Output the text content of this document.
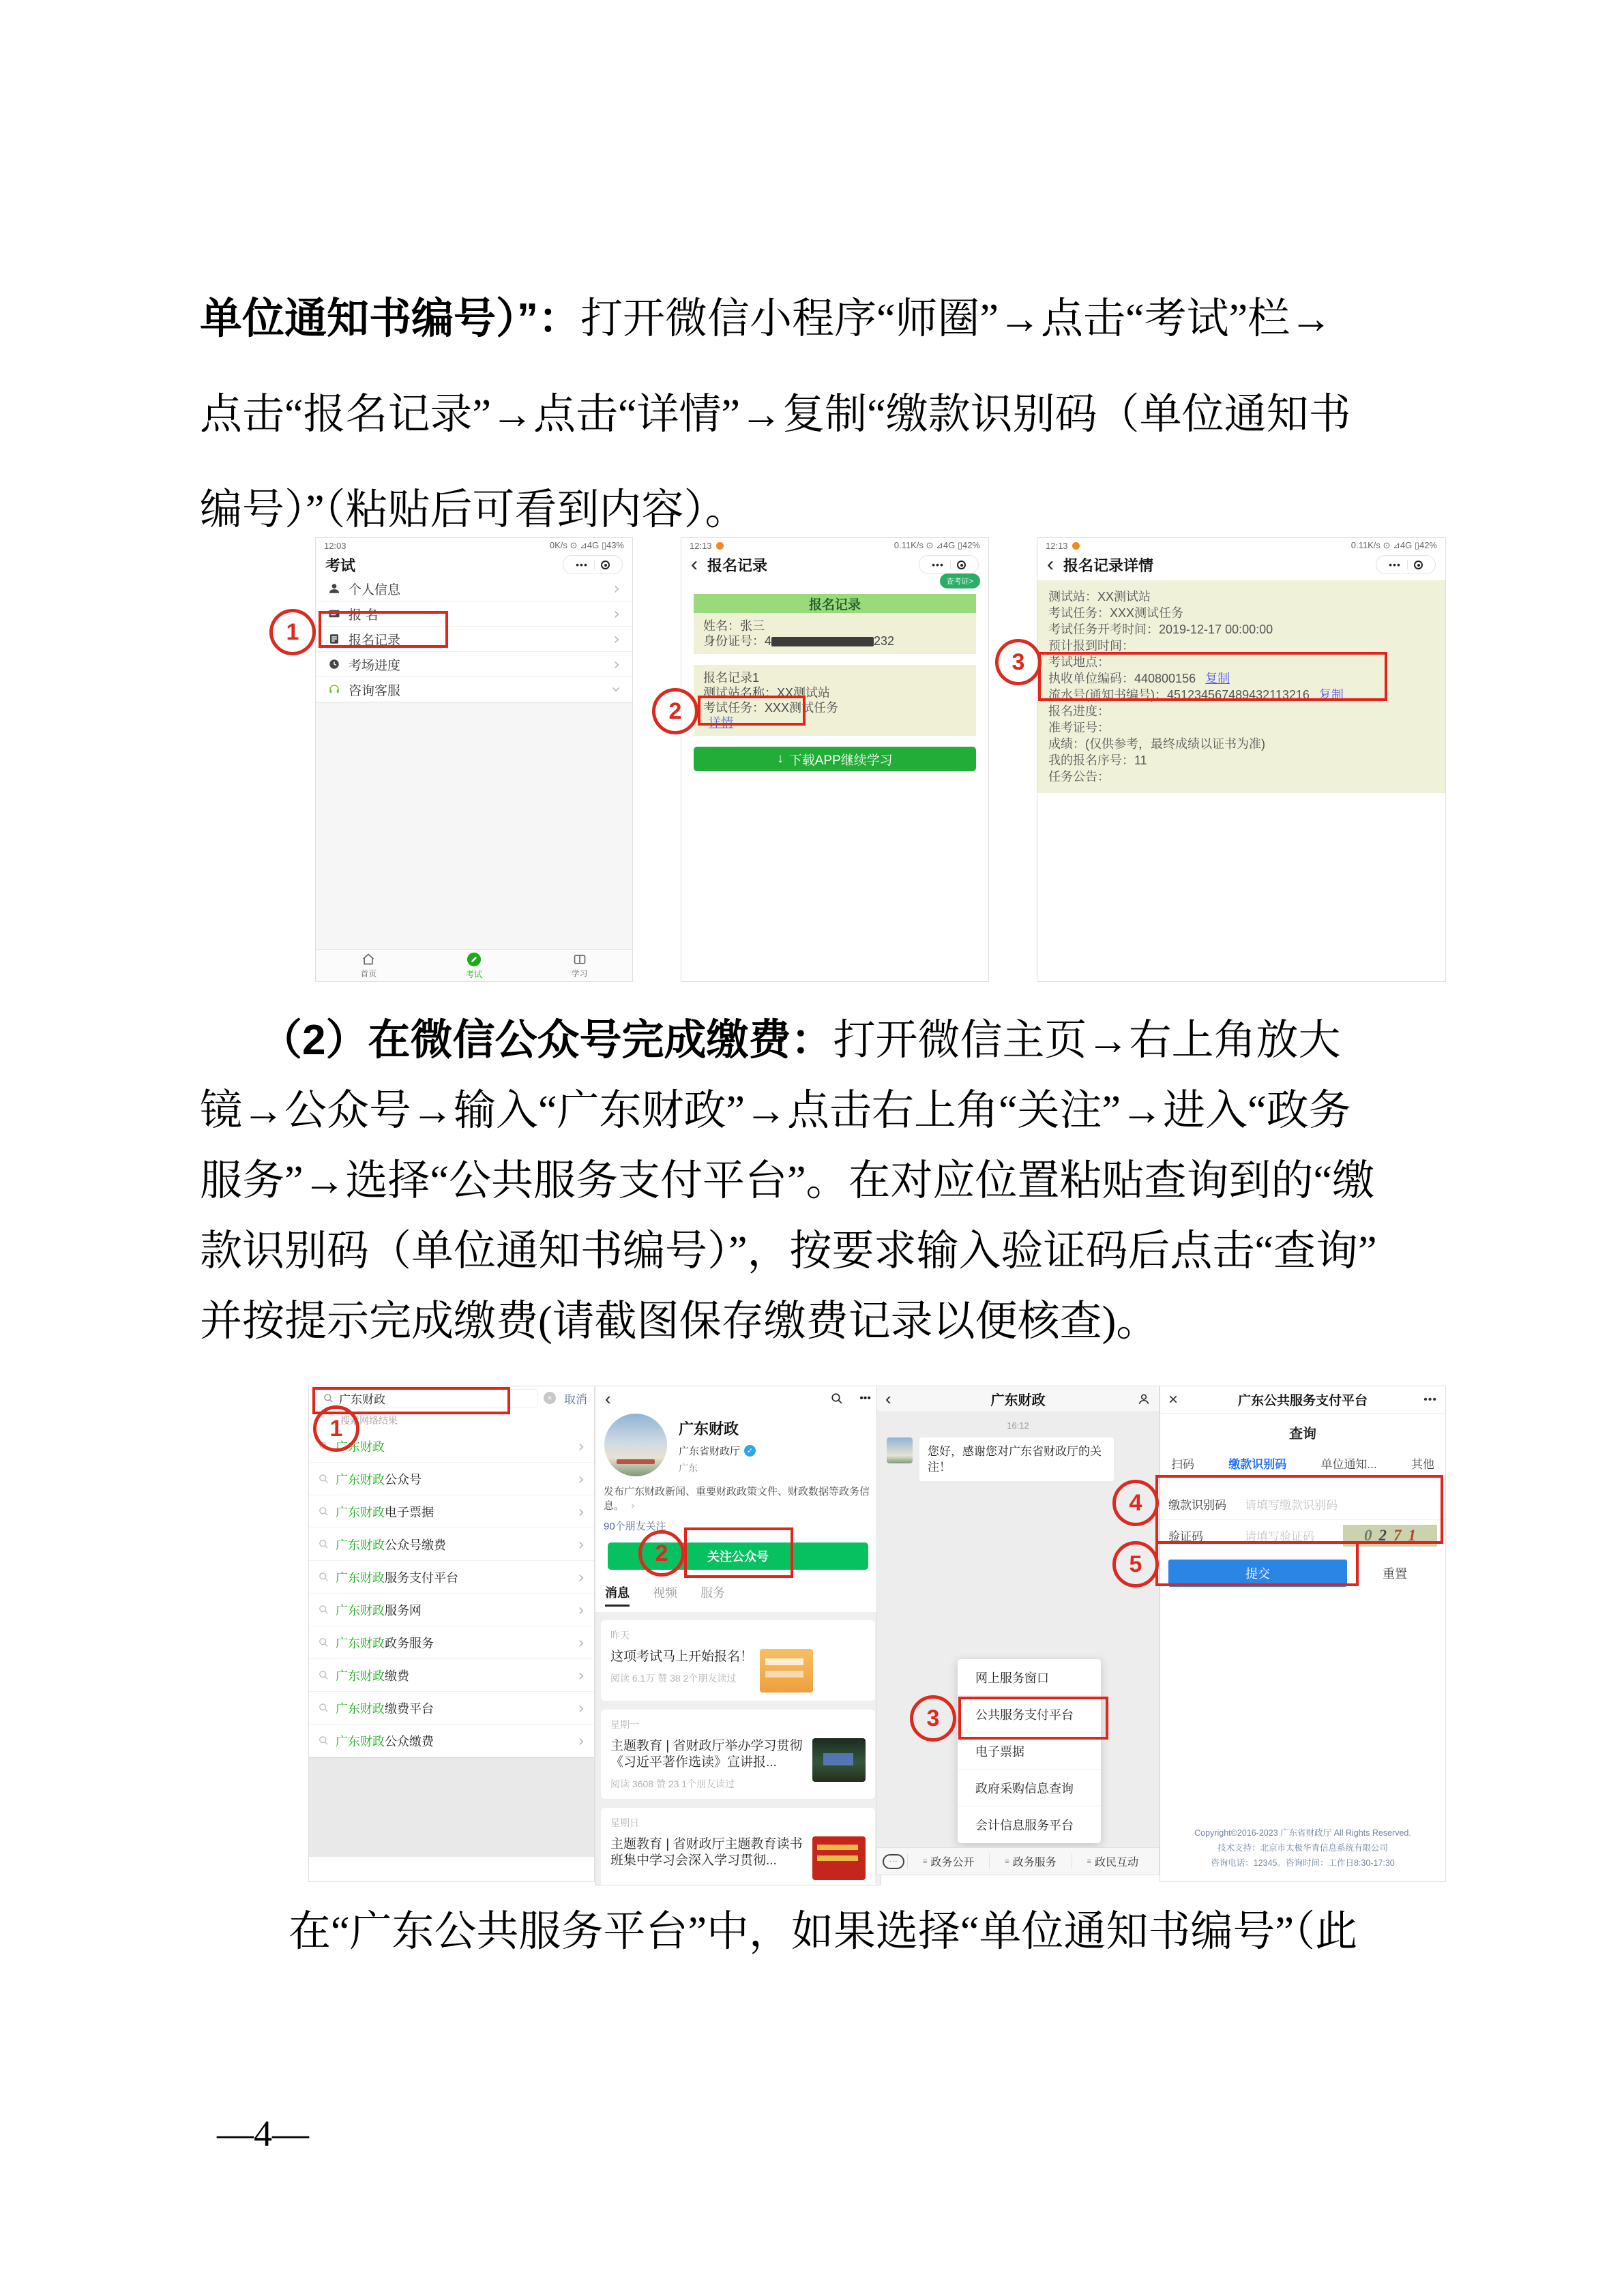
单位通知书编号）”：打开微信小程序“师圈”→点击“考试”栏→
点击“报名记录”→点击“详情”→复制“缴款识别码（单位通知书
编号）”（粘贴后可看到内容）。
12:03	0K/s ⊙ ⊿4G ▯43%
考试	•••
个人信息	›
报 名	›
报名记录	›
考场进度	›
咨询客服	›
首页	考试	学习
12:13	0.11K/s ⊙ ⊿4G ▯42%
‹ 报名记录	•••
查考证>
报名记录
姓名：张三
身份证号：4	232
报名记录1
测试站名称：XX测试站
考试任务：XXX测试任务
详情
↓ 下载APP继续学习
12:13	0.11K/s ⊙ ⊿4G ▯42%
‹ 报名记录详情	•••
测试站：XX测试站
考试任务：XXX测试任务
考试任务开考时间：2019-12-17 00:00:00
预计报到时间：
考试地点：
执收单位编码：440800156 复制
流水号(通知书编号)：451234567489432113216 复制
报名进度：
准考证号：
成绩：(仅供参考，最终成绩以证书为准)
我的报名序号：11
任务公告：
（2）在微信公众号完成缴费：打开微信主页→右上角放大
镜→公众号→输入“广东财政”→点击右上角“关注”→进入“政务
服务”→选择“公共服务支付平台”。在对应位置粘贴查询到的“缴
款识别码（单位通知书编号）”，按要求输入验证码后点击“查询”
并按提示完成缴费(请截图保存缴费记录以便核查)。
广东财政	×	取消
搜索网络结果
广东财政	›
广东财政 公众号	›
广东财政 电子票据	›
广东财政 公众号缴费	›
广东财政 服务支付平台	›
广东财政 服务网	›
广东财政 政务服务	›
广东财政 缴费	›
广东财政 缴费平台	›
广东财政 公众缴费	›
‹	•••
广东财政
广东省财政厅 ✓
广东
发布广东财政新闻、重要财政政策文件、财政数据等政务信息。 ›
90个朋友关注
关注公众号
消息 视频 服务
昨天
这项考试马上开始报名！
阅读 6.1万 赞 38 2个朋友读过
星期一
主题教育 | 省财政厅举办学习贯彻《习近平著作选读》宣讲报...
阅读 3608 赞 23 1个朋友读过
星期日
主题教育 | 省财政厅主题教育读书班集中学习会深入学习贯彻...
‹	广东财政
16:12
您好，感谢您对广东省财政厅的关注！
网上服务窗口
公共服务支付平台
电子票据
政府采购信息查询
会计信息服务平台
···	≡ 政务公开	≡ 政务服务	≡ 政民互动
×	广东公共服务支付平台	•••
查询
扫码	缴款识别码	单位通知...	其他
缴款识别码	请填写缴款识别码
验证码	请填写验证码	0 2 7 1
提交	重置
Copyright©2016-2023 广东省财政厅 All Rights Reserved.
技术支持：北京市太极华青信息系统有限公司
咨询电话：12345。咨询时间：工作日8:30-17:30
在“广东公共服务平台”中，如果选择“单位通知书编号”（此
1
2
3
1
2
3
4
5
—4—
